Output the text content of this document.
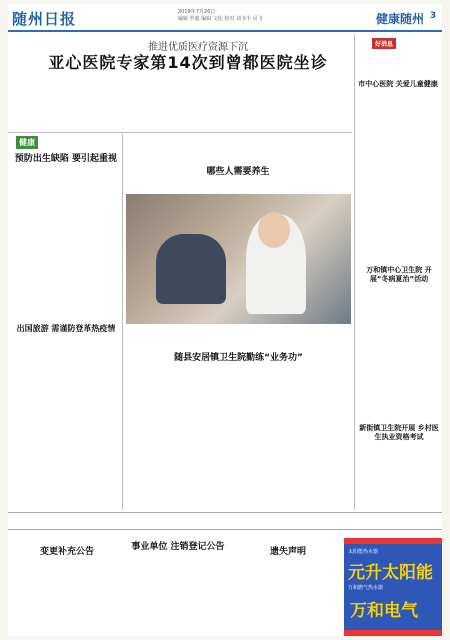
随州日报	2019年7月26日
编辑 罗毅 编辑 文松 校对 刘书丰 吴飞	健康随州 3
推进优质医疗资源下沉
亚心医院专家第14次到曾都医院坐诊
好消息
市中心医院 关爱儿童健康
健康
预防出生缺陷 要引起重视
哪些人需要养生
出国旅游 需谨防登革热疫情
万和镇中心卫生院 开展“冬病夏治”活动
新街镇卫生院开展 乡村医生执业资格考试
随县安居镇卫生院勤练“业务功”
变更补充公告	事业单位 注销登记公告	遗失声明	太阳能热水器
元升太阳能
万和燃气热水器
万和电气
